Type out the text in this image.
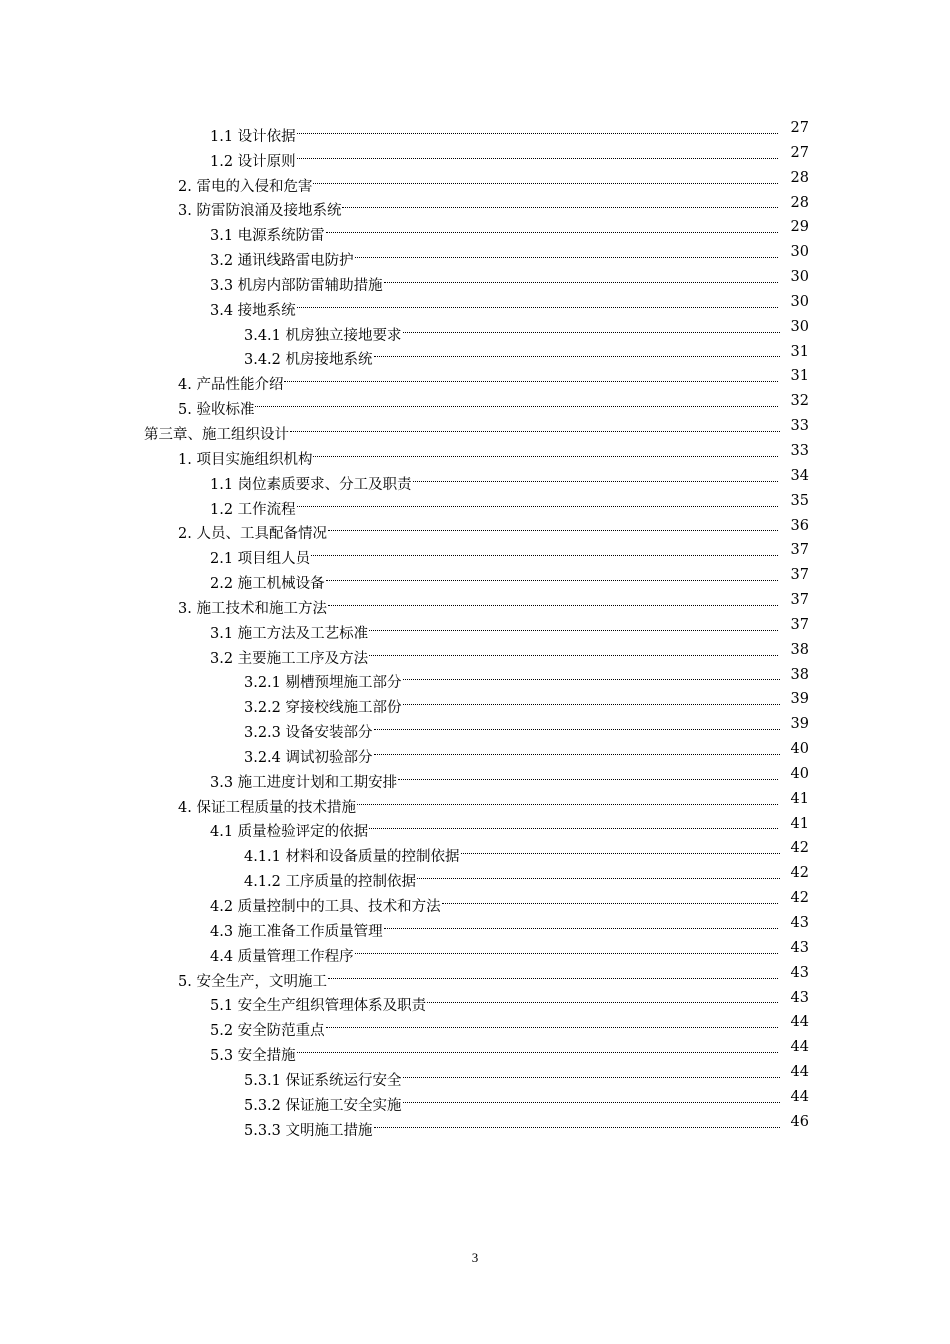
1.1 设计依据
27
1.2 设计原则
27
2. 雷电的入侵和危害
28
3. 防雷防浪涌及接地系统
28
3.1 电源系统防雷
29
3.2 通讯线路雷电防护
30
3.3 机房内部防雷辅助措施
30
3.4 接地系统
30
3.4.1 机房独立接地要求
30
3.4.2 机房接地系统
31
4. 产品性能介绍
31
5. 验收标准
32
第三章、施工组织设计
33
1. 项目实施组织机构
33
1.1 岗位素质要求、分工及职责
34
1.2 工作流程
35
2. 人员、工具配备情况
36
2.1 项目组人员
37
2.2 施工机械设备
37
3. 施工技术和施工方法
37
3.1 施工方法及工艺标准
37
3.2 主要施工工序及方法
38
3.2.1 剔槽预埋施工部分
38
3.2.2 穿接校线施工部份
39
3.2.3 设备安装部分
39
3.2.4 调试初验部分
40
3.3 施工进度计划和工期安排
40
4. 保证工程质量的技术措施
41
4.1 质量检验评定的依据
41
4.1.1 材料和设备质量的控制依据
42
4.1.2 工序质量的控制依据
42
4.2 质量控制中的工具、技术和方法
42
4.3 施工准备工作质量管理
43
4.4 质量管理工作程序
43
5. 安全生产，文明施工
43
5.1 安全生产组织管理体系及职责
43
5.2 安全防范重点
44
5.3 安全措施
44
5.3.1 保证系统运行安全
44
5.3.2 保证施工安全实施
44
5.3.3 文明施工措施
46
3
